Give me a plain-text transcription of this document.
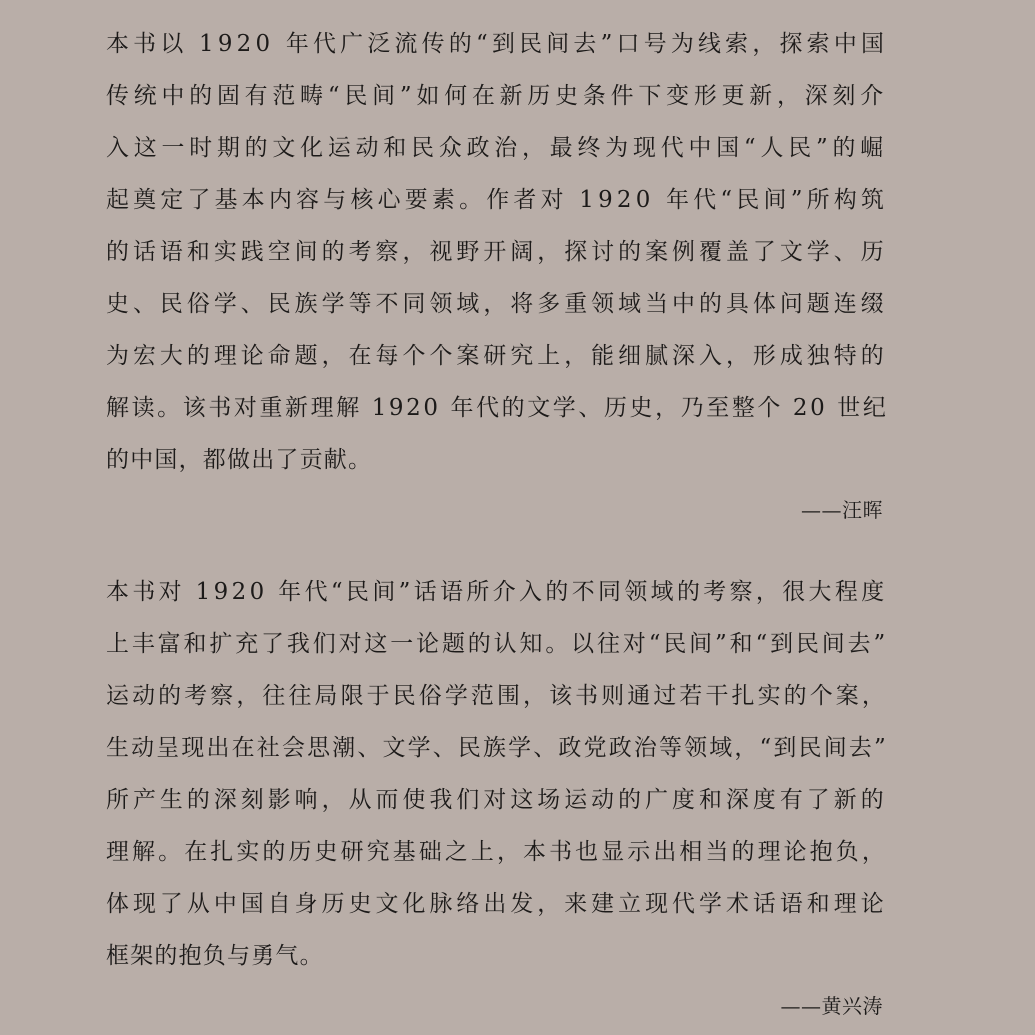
本书以 1920 年代广泛流传的“到民间去”口号为线索，探索中国
传统中的固有范畴“民间”如何在新历史条件下变形更新，深刻介
入这一时期的文化运动和民众政治，最终为现代中国“人民”的崛
起奠定了基本内容与核心要素。作者对 1920 年代“民间”所构筑
的话语和实践空间的考察，视野开阔，探讨的案例覆盖了文学、历
史、民俗学、民族学等不同领域，将多重领域当中的具体问题连缀
为宏大的理论命题，在每个个案研究上，能细腻深入，形成独特的
解读。该书对重新理解 1920 年代的文学、历史，乃至整个 20 世纪
的中国，都做出了贡献。
——汪晖
本书对 1920 年代“民间”话语所介入的不同领域的考察，很大程度
上丰富和扩充了我们对这一论题的认知。以往对“民间”和“到民间去”
运动的考察，往往局限于民俗学范围，该书则通过若干扎实的个案，
生动呈现出在社会思潮、文学、民族学、政党政治等领域，“到民间去”
所产生的深刻影响，从而使我们对这场运动的广度和深度有了新的
理解。在扎实的历史研究基础之上，本书也显示出相当的理论抱负，
体现了从中国自身历史文化脉络出发，来建立现代学术话语和理论
框架的抱负与勇气。
——黄兴涛
